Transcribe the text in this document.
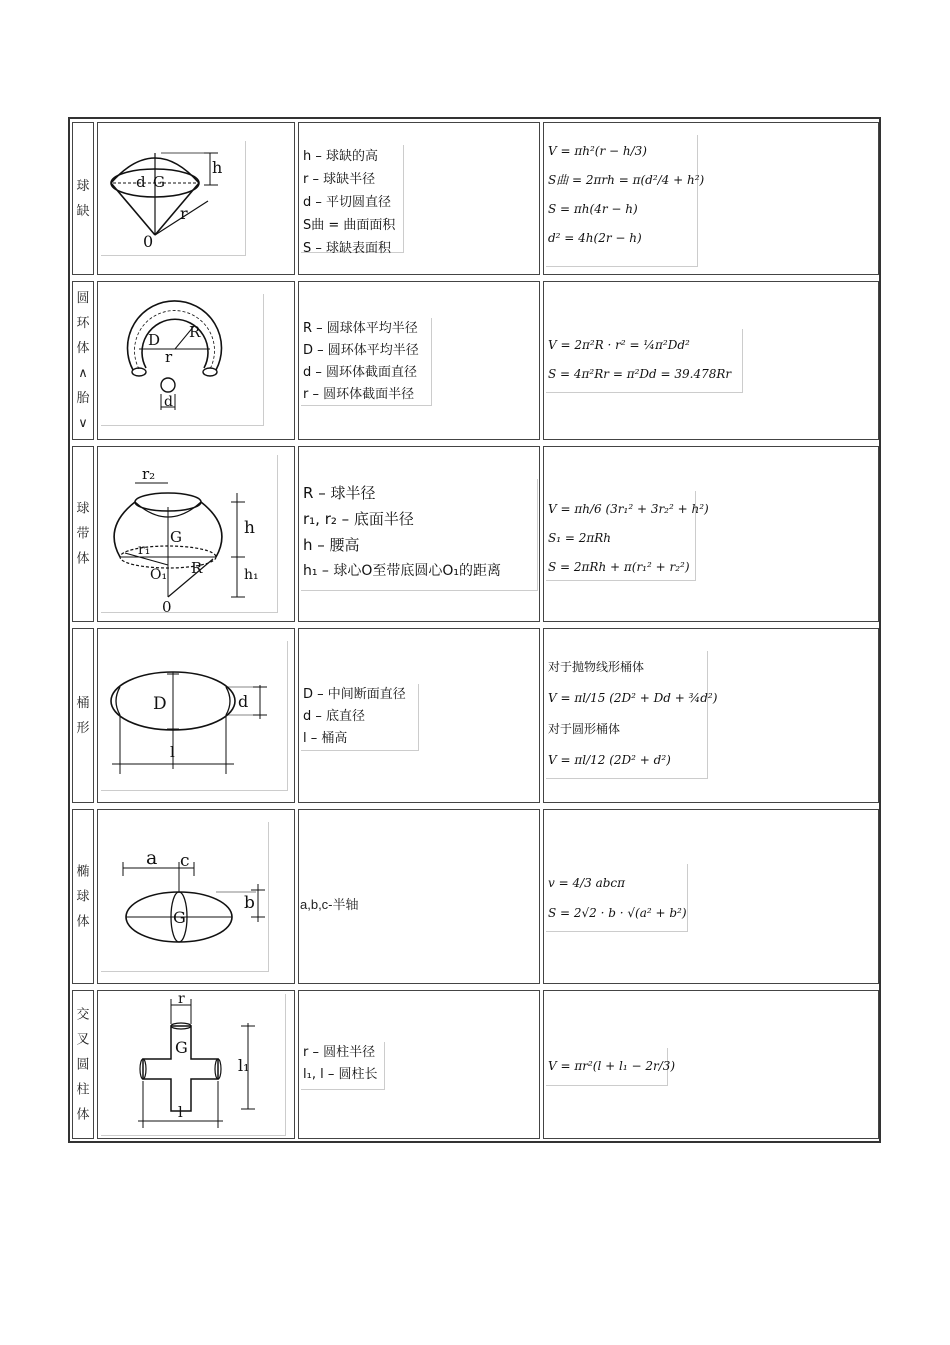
球
缺
d G
h
r
0
h – 球缺的高
r – 球缺半径
d – 平切圆直径
S曲 = 曲面面积
S – 球缺表面积
V = πh²(r − h/3)
S曲 = 2πrh = π(d²/4 + h²)
S = πh(4r − h)
d² = 4h(2r − h)
圆
环
体
∧
胎
∨
D R
r
d
R – 圆球体平均半径
D – 圆环体平均半径
d – 圆环体截面直径
r – 圆环体截面半径
V = 2π²R · r² = ¼π²Dd²
S = 4π²Rr = π²Dd = 39.478Rr
球
带
体
r₂
G
r₁
O₁ R
h
h₁
0
R – 球半径
r₁, r₂ – 底面半径
h – 腰高
h₁ – 球心O至带底圆心O₁的距离
V = πh/6 (3r₁² + 3r₂² + h²)
S₁ = 2πRh
S = 2πRh + π(r₁² + r₂²)
桶
形
D	d
l
D – 中间断面直径
d – 底直径
l – 桶高
对于抛物线形桶体
V = πl/15 (2D² + Dd + ¾d²)
对于圆形桶体
V = πl/12 (2D² + d²)
椭
球
体
a c
G
b	a,b,c-半轴
v = 4/3 abcπ
S = 2√2 · b · √(a² + b²)
交
叉
圆
柱
体
r
G
l₁
l
r – 圆柱半径
l₁, l – 圆柱长
V = πr²(l + l₁ − 2r/3)
